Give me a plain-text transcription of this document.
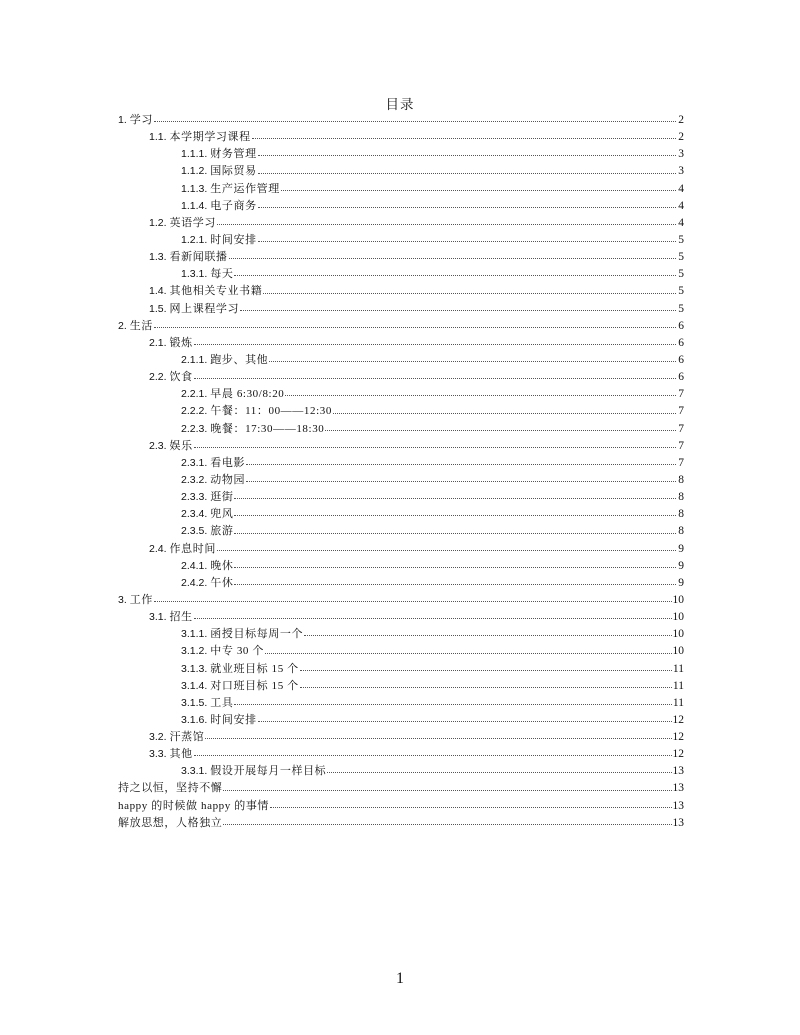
目录
1. 学习	2
1.1. 本学期学习课程	2
1.1.1. 财务管理	3
1.1.2. 国际贸易	3
1.1.3. 生产运作管理	4
1.1.4. 电子商务	4
1.2. 英语学习	4
1.2.1. 时间安排	5
1.3. 看新闻联播	5
1.3.1. 每天	5
1.4. 其他相关专业书籍	5
1.5. 网上课程学习	5
2. 生活	6
2.1. 锻炼	6
2.1.1. 跑步、其他	6
2.2. 饮食	6
2.2.1. 早晨 6:30/8:20	7
2.2.2. 午餐：11：00——12:30	7
2.2.3. 晚餐：17:30——18:30	7
2.3. 娱乐	7
2.3.1. 看电影	7
2.3.2. 动物园	8
2.3.3. 逛街	8
2.3.4. 兜风	8
2.3.5. 旅游	8
2.4. 作息时间	9
2.4.1. 晚休	9
2.4.2. 午休	9
3. 工作	10
3.1. 招生	10
3.1.1. 函授目标每周一个	10
3.1.2. 中专 30 个	10
3.1.3. 就业班目标 15 个	11
3.1.4. 对口班目标 15 个	11
3.1.5. 工具	11
3.1.6. 时间安排	12
3.2. 汗蒸馆	12
3.3. 其他	12
3.3.1. 假设开展每月一样目标	13
持之以恒，坚持不懈	13
happy 的时候做 happy 的事情	13
解放思想，人格独立	13
1
